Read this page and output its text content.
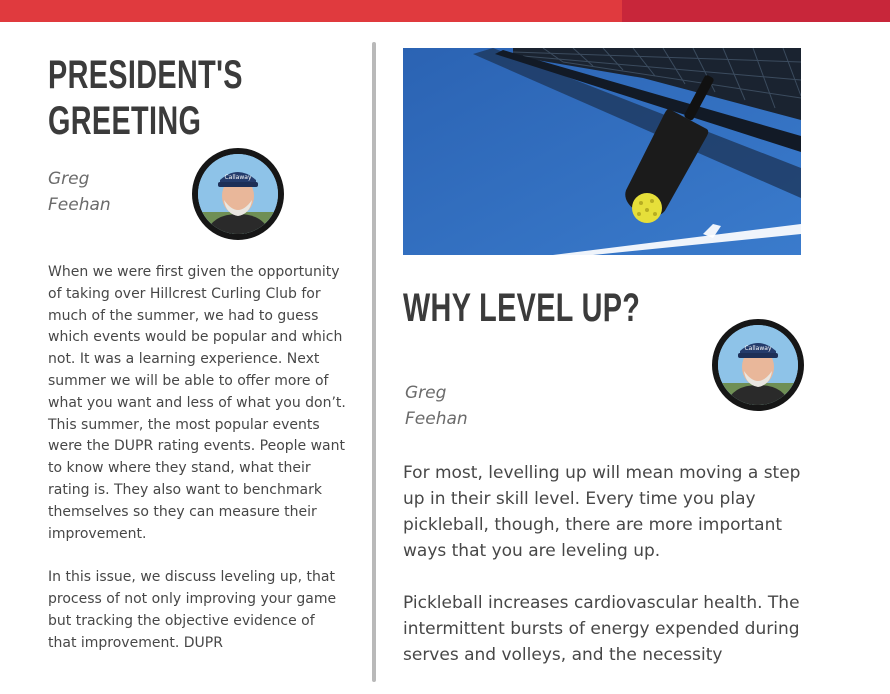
PRESIDENT'S
GREETING
Greg
Feehan
Callaway

When we were first given the opportunity of taking over Hillcrest Curling Club for much of the summer, we had to guess which events would be popular and which not. It was a learning experience. Next summer we will be able to offer more of what you want and less of what you don’t. This summer, the most popular events were the DUPR rating events. People want to know where they stand, what their rating is. They also want to benchmark themselves so they can measure their improvement.

In this issue, we discuss leveling up, that process of not only improving your game but tracking the objective evidence of that improvement. DUPR

WHY LEVEL UP?
Callaway
Greg
Feehan

For most, levelling up will mean moving a step up in their skill level. Every time you play pickleball, though, there are more important ways that you are leveling up.

Pickleball increases cardiovascular health. The intermittent bursts of energy expended during serves and volleys, and the necessity
